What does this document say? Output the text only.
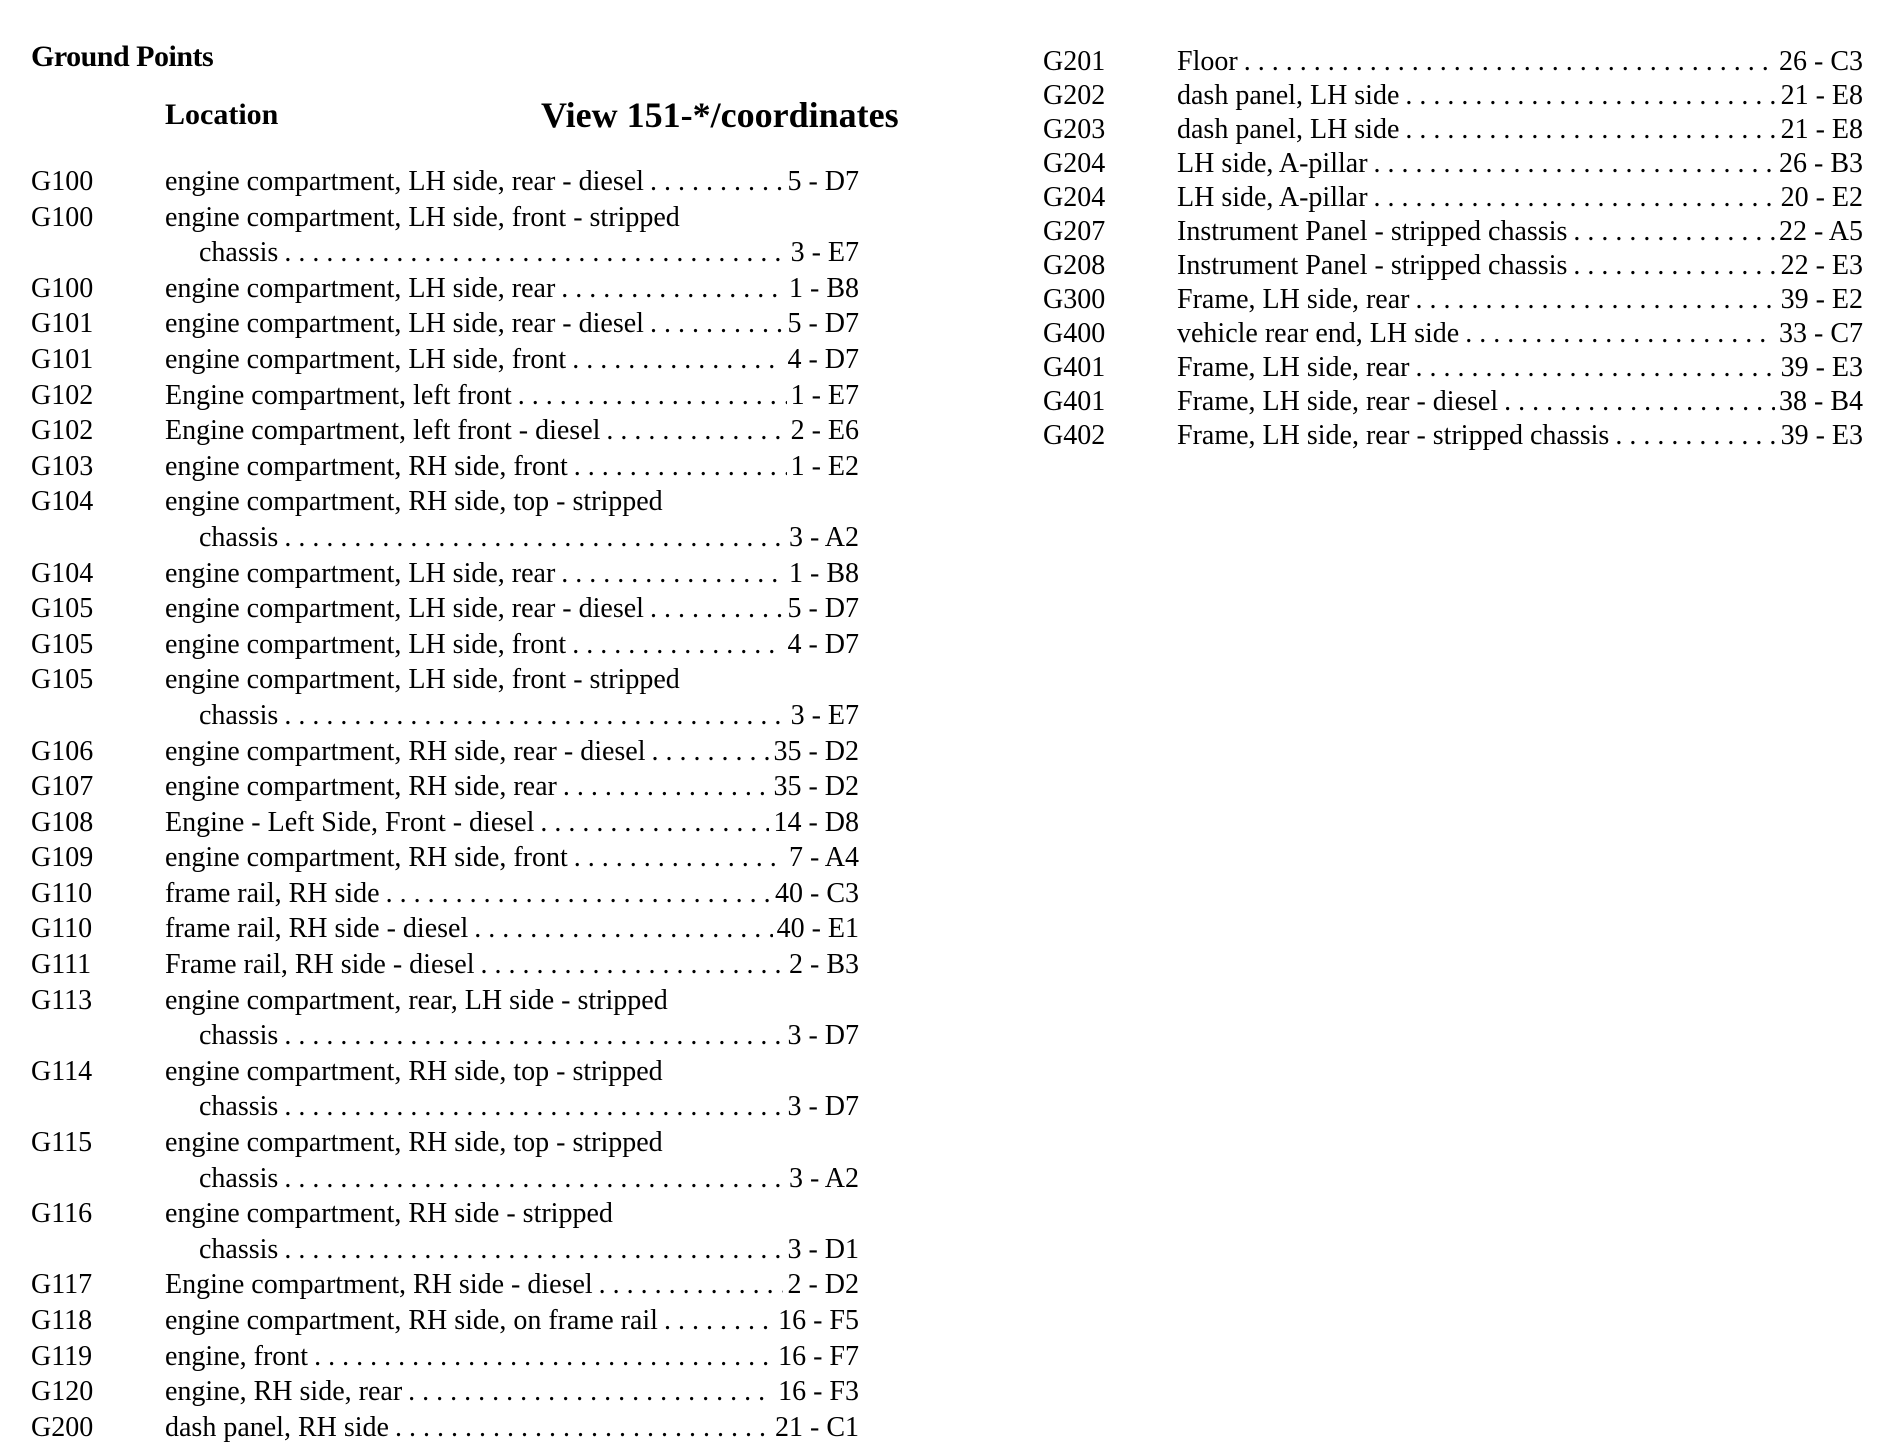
Ground Points
Location	View 151-*/coordinates
G100	engine compartment, LH side, rear - diesel . . .	5 - D7
G100	engine compartment, LH side, front - stripped
chassis . . .	3 - E7
G100	engine compartment, LH side, rear . . .	1 - B8
G101	engine compartment, LH side, rear - diesel . . .	5 - D7
G101	engine compartment, LH side, front . . .	4 - D7
G102	Engine compartment, left front . . .	1 - E7
G102	Engine compartment, left front - diesel . . .	2 - E6
G103	engine compartment, RH side, front . . .	1 - E2
G104	engine compartment, RH side, top - stripped
chassis . . .	3 - A2
G104	engine compartment, LH side, rear . . .	1 - B8
G105	engine compartment, LH side, rear - diesel . . .	5 - D7
G105	engine compartment, LH side, front . . .	4 - D7
G105	engine compartment, LH side, front - stripped
chassis . . .	3 - E7
G106	engine compartment, RH side, rear - diesel . . .	35 - D2
G107	engine compartment, RH side, rear . . .	35 - D2
G108	Engine - Left Side, Front - diesel . . .	14 - D8
G109	engine compartment, RH side, front . . .	7 - A4
G110	frame rail, RH side . . .	40 - C3
G110	frame rail, RH side - diesel . . .	40 - E1
G111	Frame rail, RH side - diesel . . .	2 - B3
G113	engine compartment, rear, LH side - stripped
chassis . . .	3 - D7
G114	engine compartment, RH side, top - stripped
chassis . . .	3 - D7
G115	engine compartment, RH side, top - stripped
chassis . . .	3 - A2
G116	engine compartment, RH side - stripped
chassis . . .	3 - D1
G117	Engine compartment, RH side - diesel . . .	2 - D2
G118	engine compartment, RH side, on frame rail . . .	16 - F5
G119	engine, front . . .	16 - F7
G120	engine, RH side, rear . . .	16 - F3
G200	dash panel, RH side . . .	21 - C1
G201	Floor . . .	26 - C3
G202	dash panel, LH side . . .	21 - E8
G203	dash panel, LH side . . .	21 - E8
G204	LH side, A-pillar . . .	26 - B3
G204	LH side, A-pillar . . .	20 - E2
G207	Instrument Panel - stripped chassis . . .	22 - A5
G208	Instrument Panel - stripped chassis . . .	22 - E3
G300	Frame, LH side, rear . . .	39 - E2
G400	vehicle rear end, LH side . . .	33 - C7
G401	Frame, LH side, rear . . .	39 - E3
G401	Frame, LH side, rear - diesel . . .	38 - B4
G402	Frame, LH side, rear - stripped chassis . . .	39 - E3
